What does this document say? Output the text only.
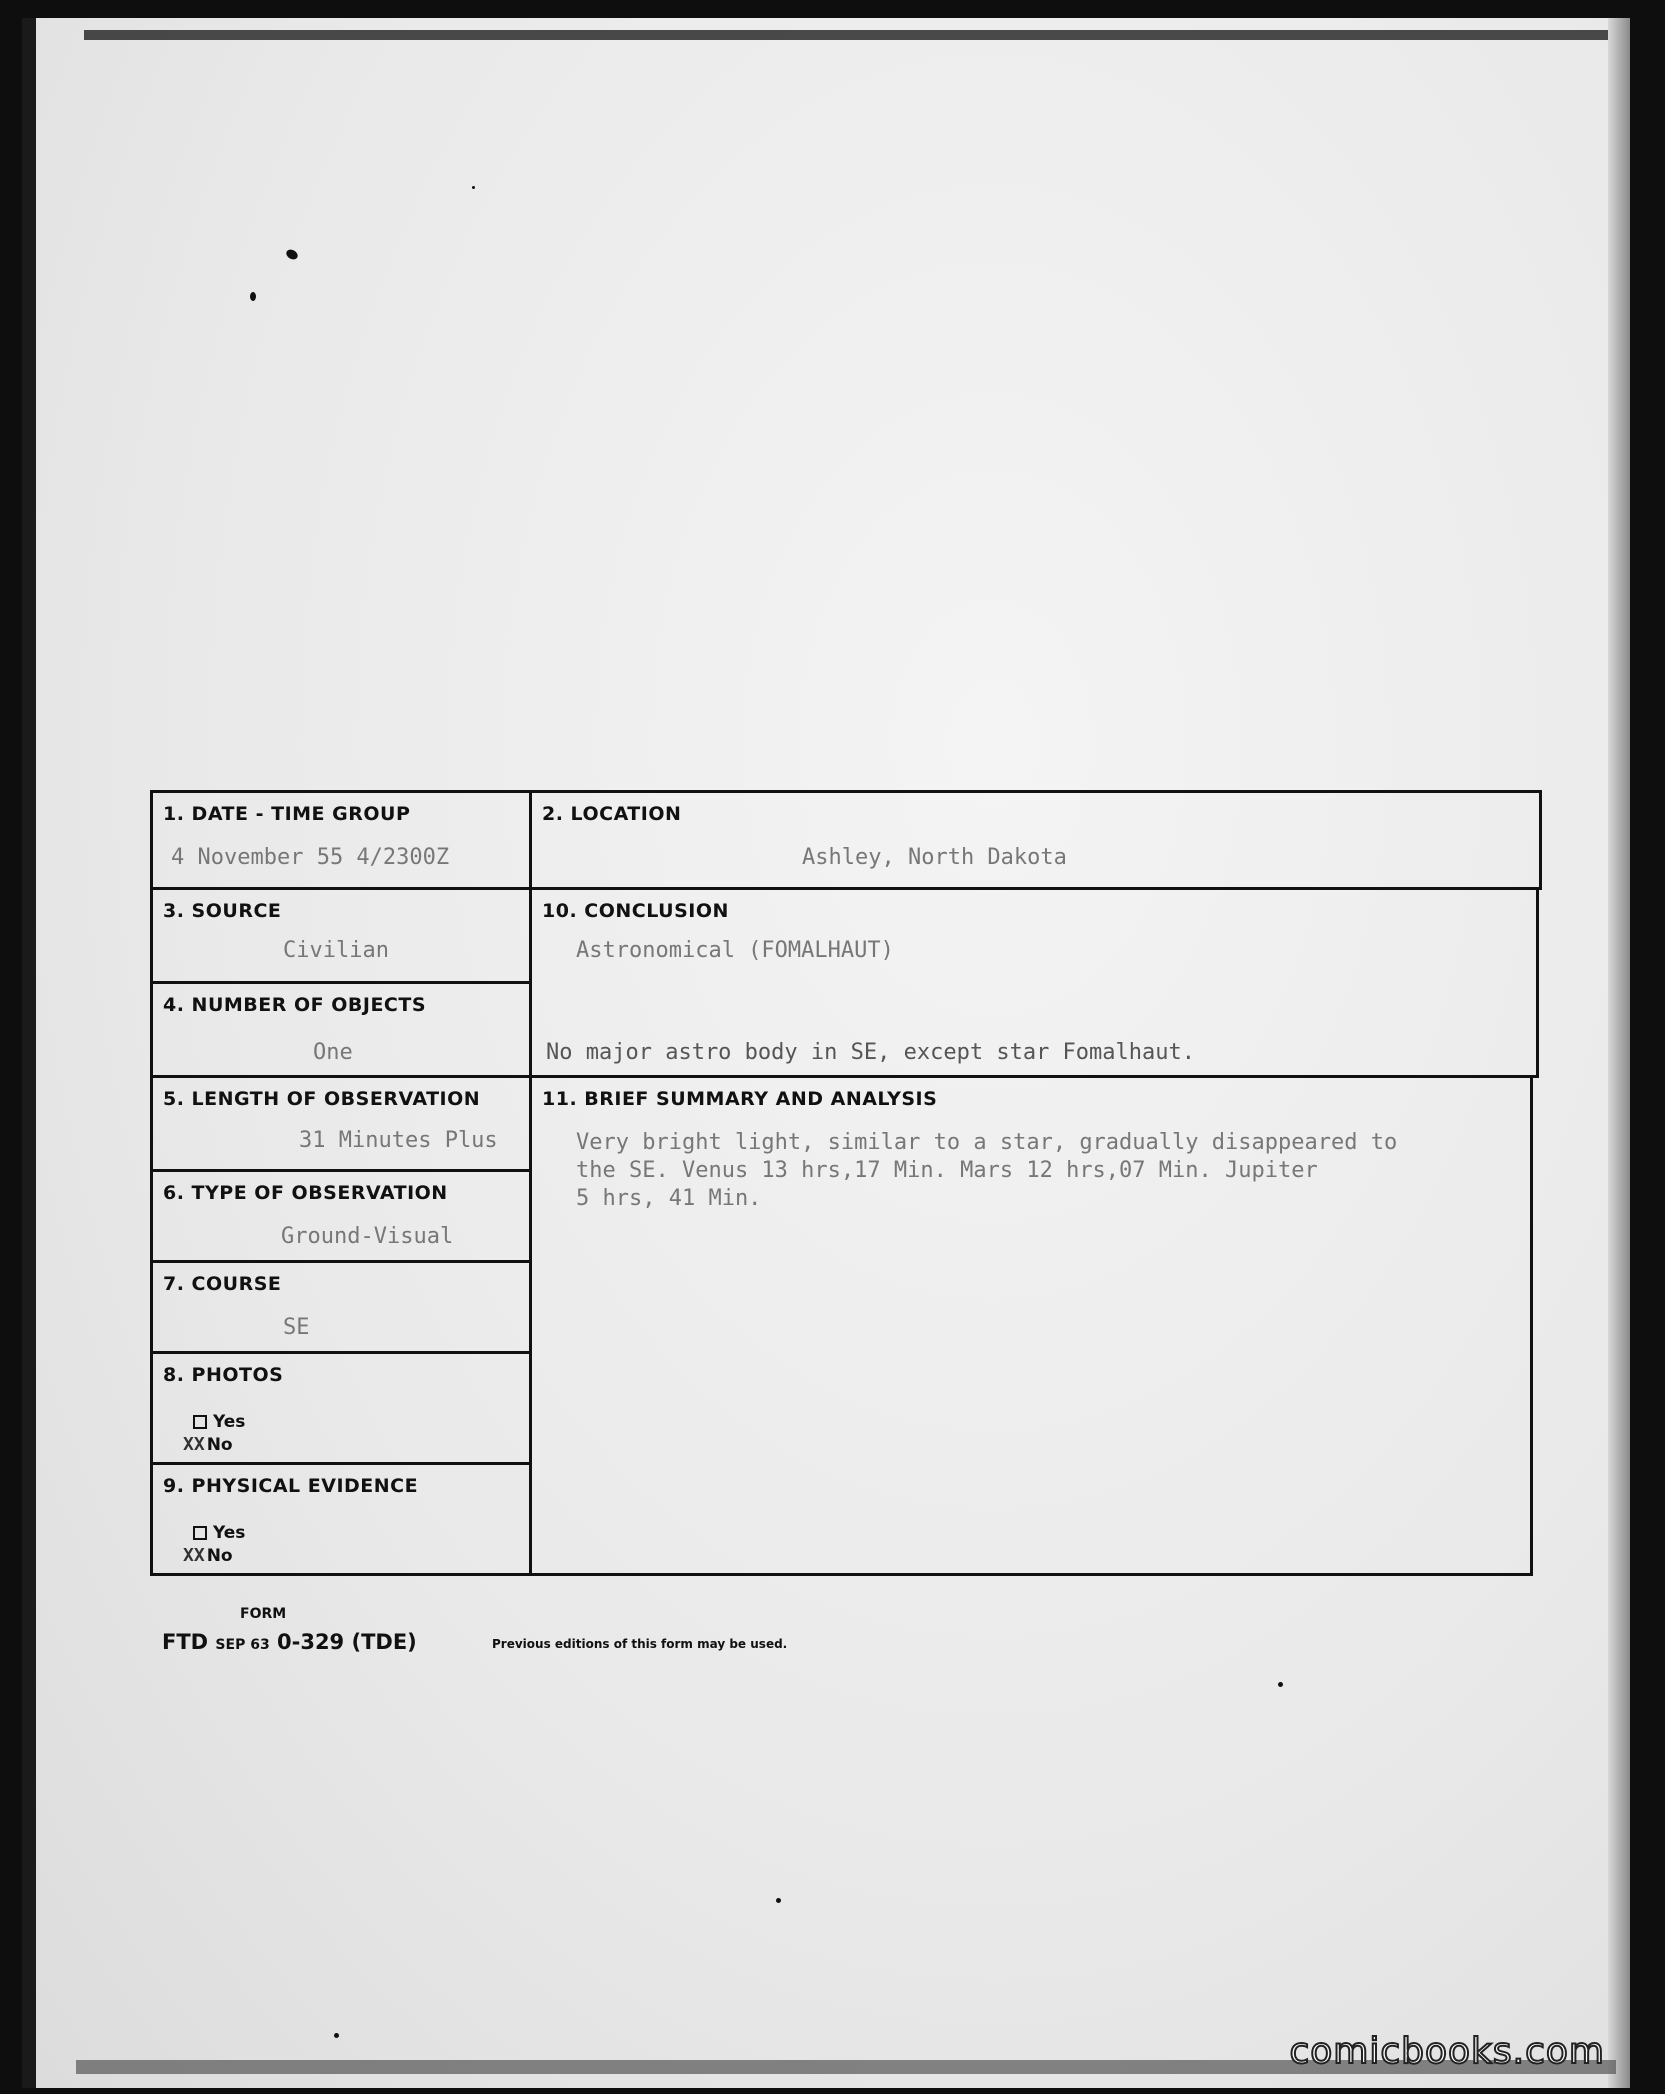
1. DATE - TIME GROUP
4 November 55 4/2300Z
3. SOURCE
Civilian
4. NUMBER OF OBJECTS
One
5. LENGTH OF OBSERVATION
31 Minutes Plus
6. TYPE OF OBSERVATION
Ground-Visual
7. COURSE
SE
8. PHOTOS
Yes
XX No
9. PHYSICAL EVIDENCE
Yes
XX No
2. LOCATION
Ashley, North Dakota
10. CONCLUSION
Astronomical (FOMALHAUT)
No major astro body in SE, except star Fomalhaut.
11. BRIEF SUMMARY AND ANALYSIS
Very bright light, similar to a star, gradually disappeared to
the SE. Venus 13 hrs,17 Min. Mars 12 hrs,07 Min. Jupiter
5 hrs, 41 Min.
FORM
FTD SEP 63 0-329 (TDE)	Previous editions of this form may be used.
comicbooks.com
